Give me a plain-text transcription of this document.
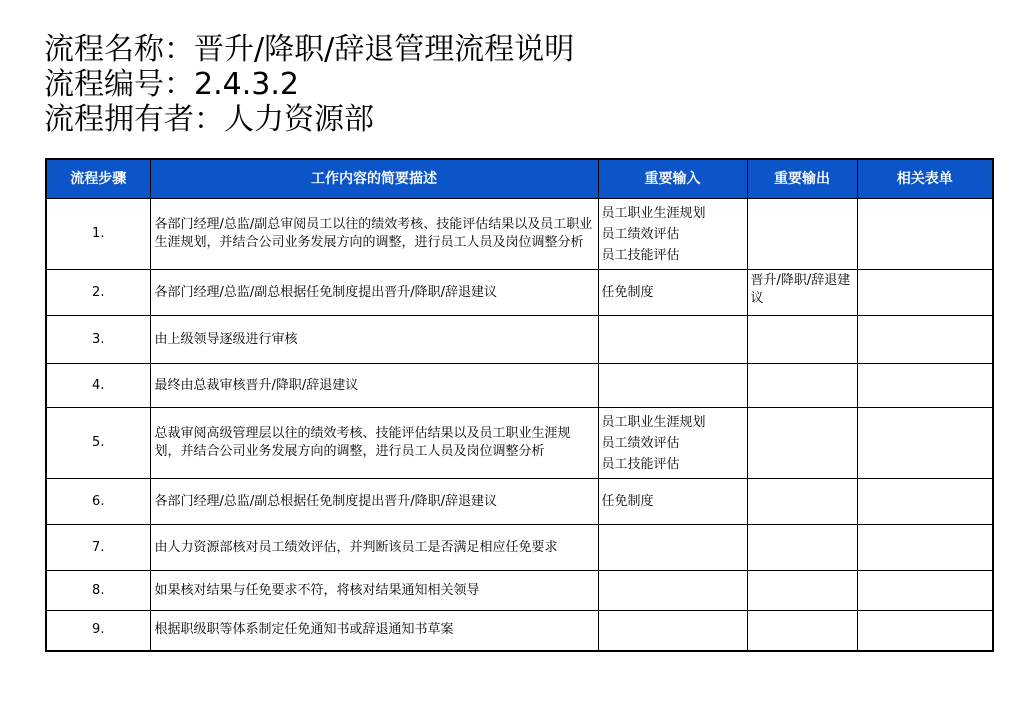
流程名称：晋升/降职/辞退管理流程说明
流程编号：2.4.3.2
流程拥有者：人力资源部
流程步骤	工作内容的简要描述	重要输入	重要输出	相关表单
1.	各部门经理/总监/副总审阅员工以往的绩效考核、技能评估结果以及员工职业生涯规划，并结合公司业务发展方向的调整，进行员工人员及岗位调整分析	员工职业生涯规划
员工绩效评估
员工技能评估		

2.	各部门经理/总监/副总根据任免制度提出晋升/降职/辞退建议	任免制度	晋升/降职/辞退建议	
3.	由上级领导逐级进行审核			
4.	最终由总裁审核晋升/降职/辞退建议			
5.	总裁审阅高级管理层以往的绩效考核、技能评估结果以及员工职业生涯规划，并结合公司业务发展方向的调整，进行员工人员及岗位调整分析	员工职业生涯规划
员工绩效评估
员工技能评估		

6.	各部门经理/总监/副总根据任免制度提出晋升/降职/辞退建议	任免制度		

7.	由人力资源部核对员工绩效评估，并判断该员工是否满足相应任免要求			
8.	如果核对结果与任免要求不符，将核对结果通知相关领导			
9.	根据职级职等体系制定任免通知书或辞退通知书草案			
